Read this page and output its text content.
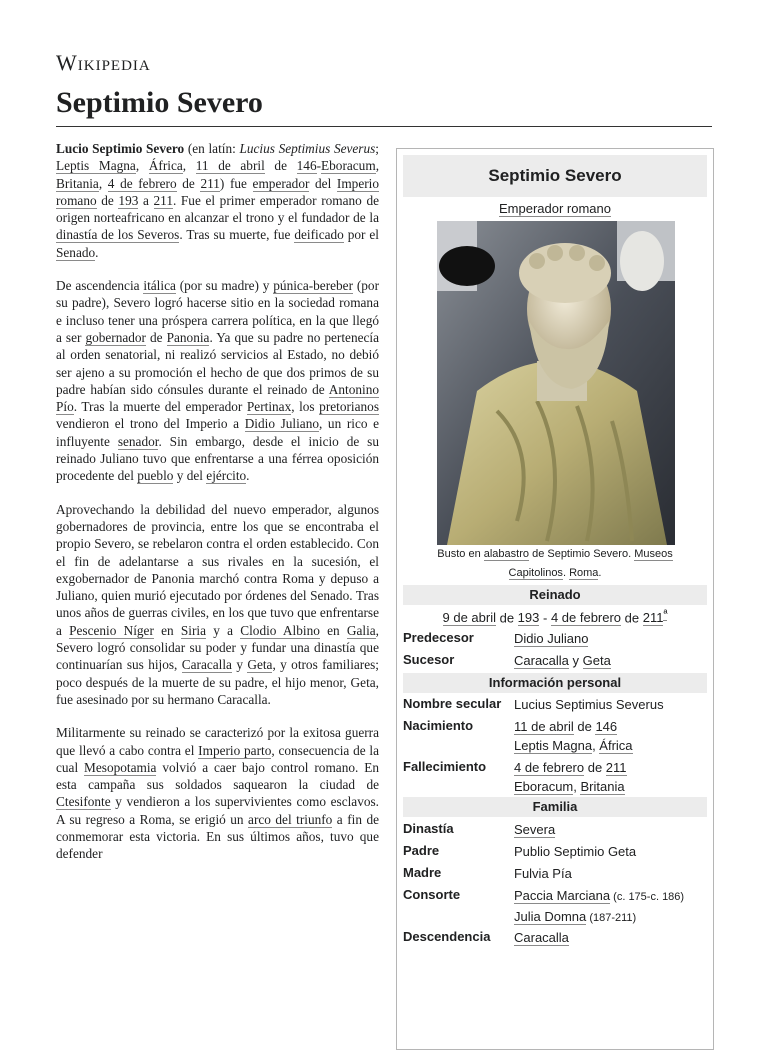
Wikipedia
Septimio Severo

Lucio Septimio Severo (en latín: Lucius Septimius Severus; Leptis Magna, África, 11 de abril de 146-Eboracum, Britania, 4 de febrero de 211) fue emperador del Imperio romano de 193 a 211. Fue el primer emperador romano de origen norteafricano en alcanzar el trono y el fundador de la dinastía de los Severos. Tras su muerte, fue deificado por el Senado.

De ascendencia itálica (por su madre) y púnica-bereber (por su padre), Severo logró hacerse sitio en la sociedad romana e incluso tener una próspera carrera política, en la que llegó a ser gobernador de Panonia. Ya que su padre no pertenecía al orden senatorial, ni realizó servicios al Estado, no debió ser ajeno a su promoción el hecho de que dos primos de su padre habían sido cónsules durante el reinado de Antonino Pío. Tras la muerte del emperador Pertinax, los pretorianos vendieron el trono del Imperio a Didio Juliano, un rico e influyente senador. Sin embargo, desde el inicio de su reinado Juliano tuvo que enfrentarse a una férrea oposición procedente del pueblo y del ejército.

Aprovechando la debilidad del nuevo emperador, algunos gobernadores de provincia, entre los que se encontraba el propio Severo, se rebelaron contra el orden establecido. Con el fin de adelantarse a sus rivales en la sucesión, el exgobernador de Panonia marchó contra Roma y depuso a Juliano, quien murió ejecutado por órdenes del Senado. Tras unos años de guerras civiles, en los que tuvo que enfrentarse a Pescenio Níger en Siria y a Clodio Albino en Galia, Severo logró consolidar su poder y fundar una dinastía que continuarían sus hijos, Caracalla y Geta, y otros familiares; poco después de la muerte de su padre, el hijo menor, Geta, fue asesinado por su hermano Caracalla.

Militarmente su reinado se caracterizó por la exitosa guerra que llevó a cabo contra el Imperio parto, consecuencia de la cual Mesopotamia volvió a caer bajo control romano. En esta campaña sus soldados saquearon la ciudad de Ctesifonte y vendieron a los supervivientes como esclavos. A su regreso a Roma, se erigió un arco del triunfo a fin de conmemorar esta victoria. En sus últimos años, tuvo que defender

Septimio Severo
Emperador romano
Busto en alabastro de Septimio Severo. Museos Capitolinos. Roma.
Reinado
9 de abril de 193 - 4 de febrero de $211^ª$
Predecesor	Didio Juliano
Sucesor	Caracalla y Geta
Información personal
Nombre secular Lucius Septimius Severus
Nacimiento	11 de abril de 146
Leptis Magna, África
Fallecimiento 4 de febrero de 211
Eboracum, Britania
Familia
Dinastía	Severa
Padre	Publio Septimio Geta
Madre	Fulvia Pía
Consorte	Paccia Marciana (c. 175-c. 186)
Julia Domna (187-211)
Descendencia Caracalla
